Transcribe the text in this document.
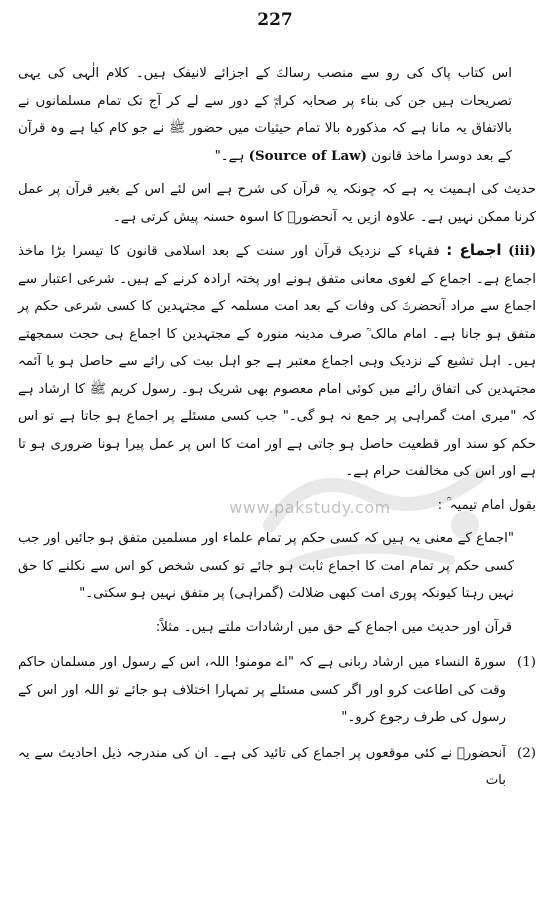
227
www.pakstudy.com

اس کتاب پاک کی رو سے منصب رسالتؐ کے اجزائے لانیفک ہیں۔ کلام الٰہی کی یہی تصریحات ہیں جن کی بناء پر صحابہ کرامؓ کے دور سے لے کر آج تک تمام مسلمانوں نے بالاتفاق یہ مانا ہے کہ مذکورہ بالا تمام حیثیات میں حضور ﷺ نے جو کام کیا ہے وہ قرآن کے بعد دوسرا ماخذ قانون (Source of Law) ہے۔"

حدیث کی اہمیت یہ ہے کہ چونکہ یہ قرآن کی شرح ہے اس لئے اس کے بغیر قرآن پر عمل کرنا ممکن نہیں ہے۔ علاوہ ازیں یہ آنحضورؐ کا اسوہ حسنہ پیش کرتی ہے۔

(iii) اجماع : فقہاء کے نزدیک قرآن اور سنت کے بعد اسلامی قانون کا تیسرا بڑا ماخذ اجماع ہے۔ اجماع کے لغوی معانی متفق ہونے اور پختہ ارادہ کرنے کے ہیں۔ شرعی اعتبار سے اجماع سے مراد آنحضرتؐ کی وفات کے بعد امت مسلمہ کے مجتہدین کا کسی شرعی حکم پر متفق ہو جانا ہے۔ امام مالک ؒ صرف مدینہ منورہ کے مجتہدین کا اجماع ہی حجت سمجھتے ہیں۔ اہل تشیع کے نزدیک وہی اجماع معتبر ہے جو اہل بیت کی رائے سے حاصل ہو یا آئمہ مجتہدین کی اتفاق رائے میں کوئی امام معصوم بھی شریک ہو۔ رسول کریم ﷺ کا ارشاد ہے کہ "میری امت گمراہی پر جمع نہ ہو گی۔" جب کسی مسئلے پر اجماع ہو جاتا ہے تو اس حکم کو سند اور قطعیت حاصل ہو جاتی ہے اور امت کا اس پر عمل پیرا ہونا ضروری ہو تا ہے اور اس کی مخالفت حرام ہے۔

بقول امام تیمیہ ؒ :

"اجماع کے معنی یہ ہیں کہ کسی حکم پر تمام علماء اور مسلمین متفق ہو جائیں اور جب کسی حکم پر تمام امت کا اجماع ثابت ہو جائے تو کسی شخص کو اس سے نکلنے کا حق نہیں رہتا کیونکہ پوری امت کبھی ضلالت (گمراہی) پر متفق نہیں ہو سکتی۔"

قرآن اور حدیث میں اجماع کے حق میں ارشادات ملتے ہیں۔ مثلاً:

(1)
سورۃ النساء میں ارشاد ربانی ہے کہ "اے مومنو! اللہ، اس کے رسول اور مسلمان حاکم وقت کی اطاعت کرو اور اگر کسی مسئلے پر تمہارا اختلاف ہو جائے تو اللہ اور اس کے رسول کی طرف رجوع کرو۔"
(2)
آنحضورؐ نے کئی موقعوں پر اجماع کی تائید کی ہے۔ ان کی مندرجہ ذیل احادیث سے یہ بات
